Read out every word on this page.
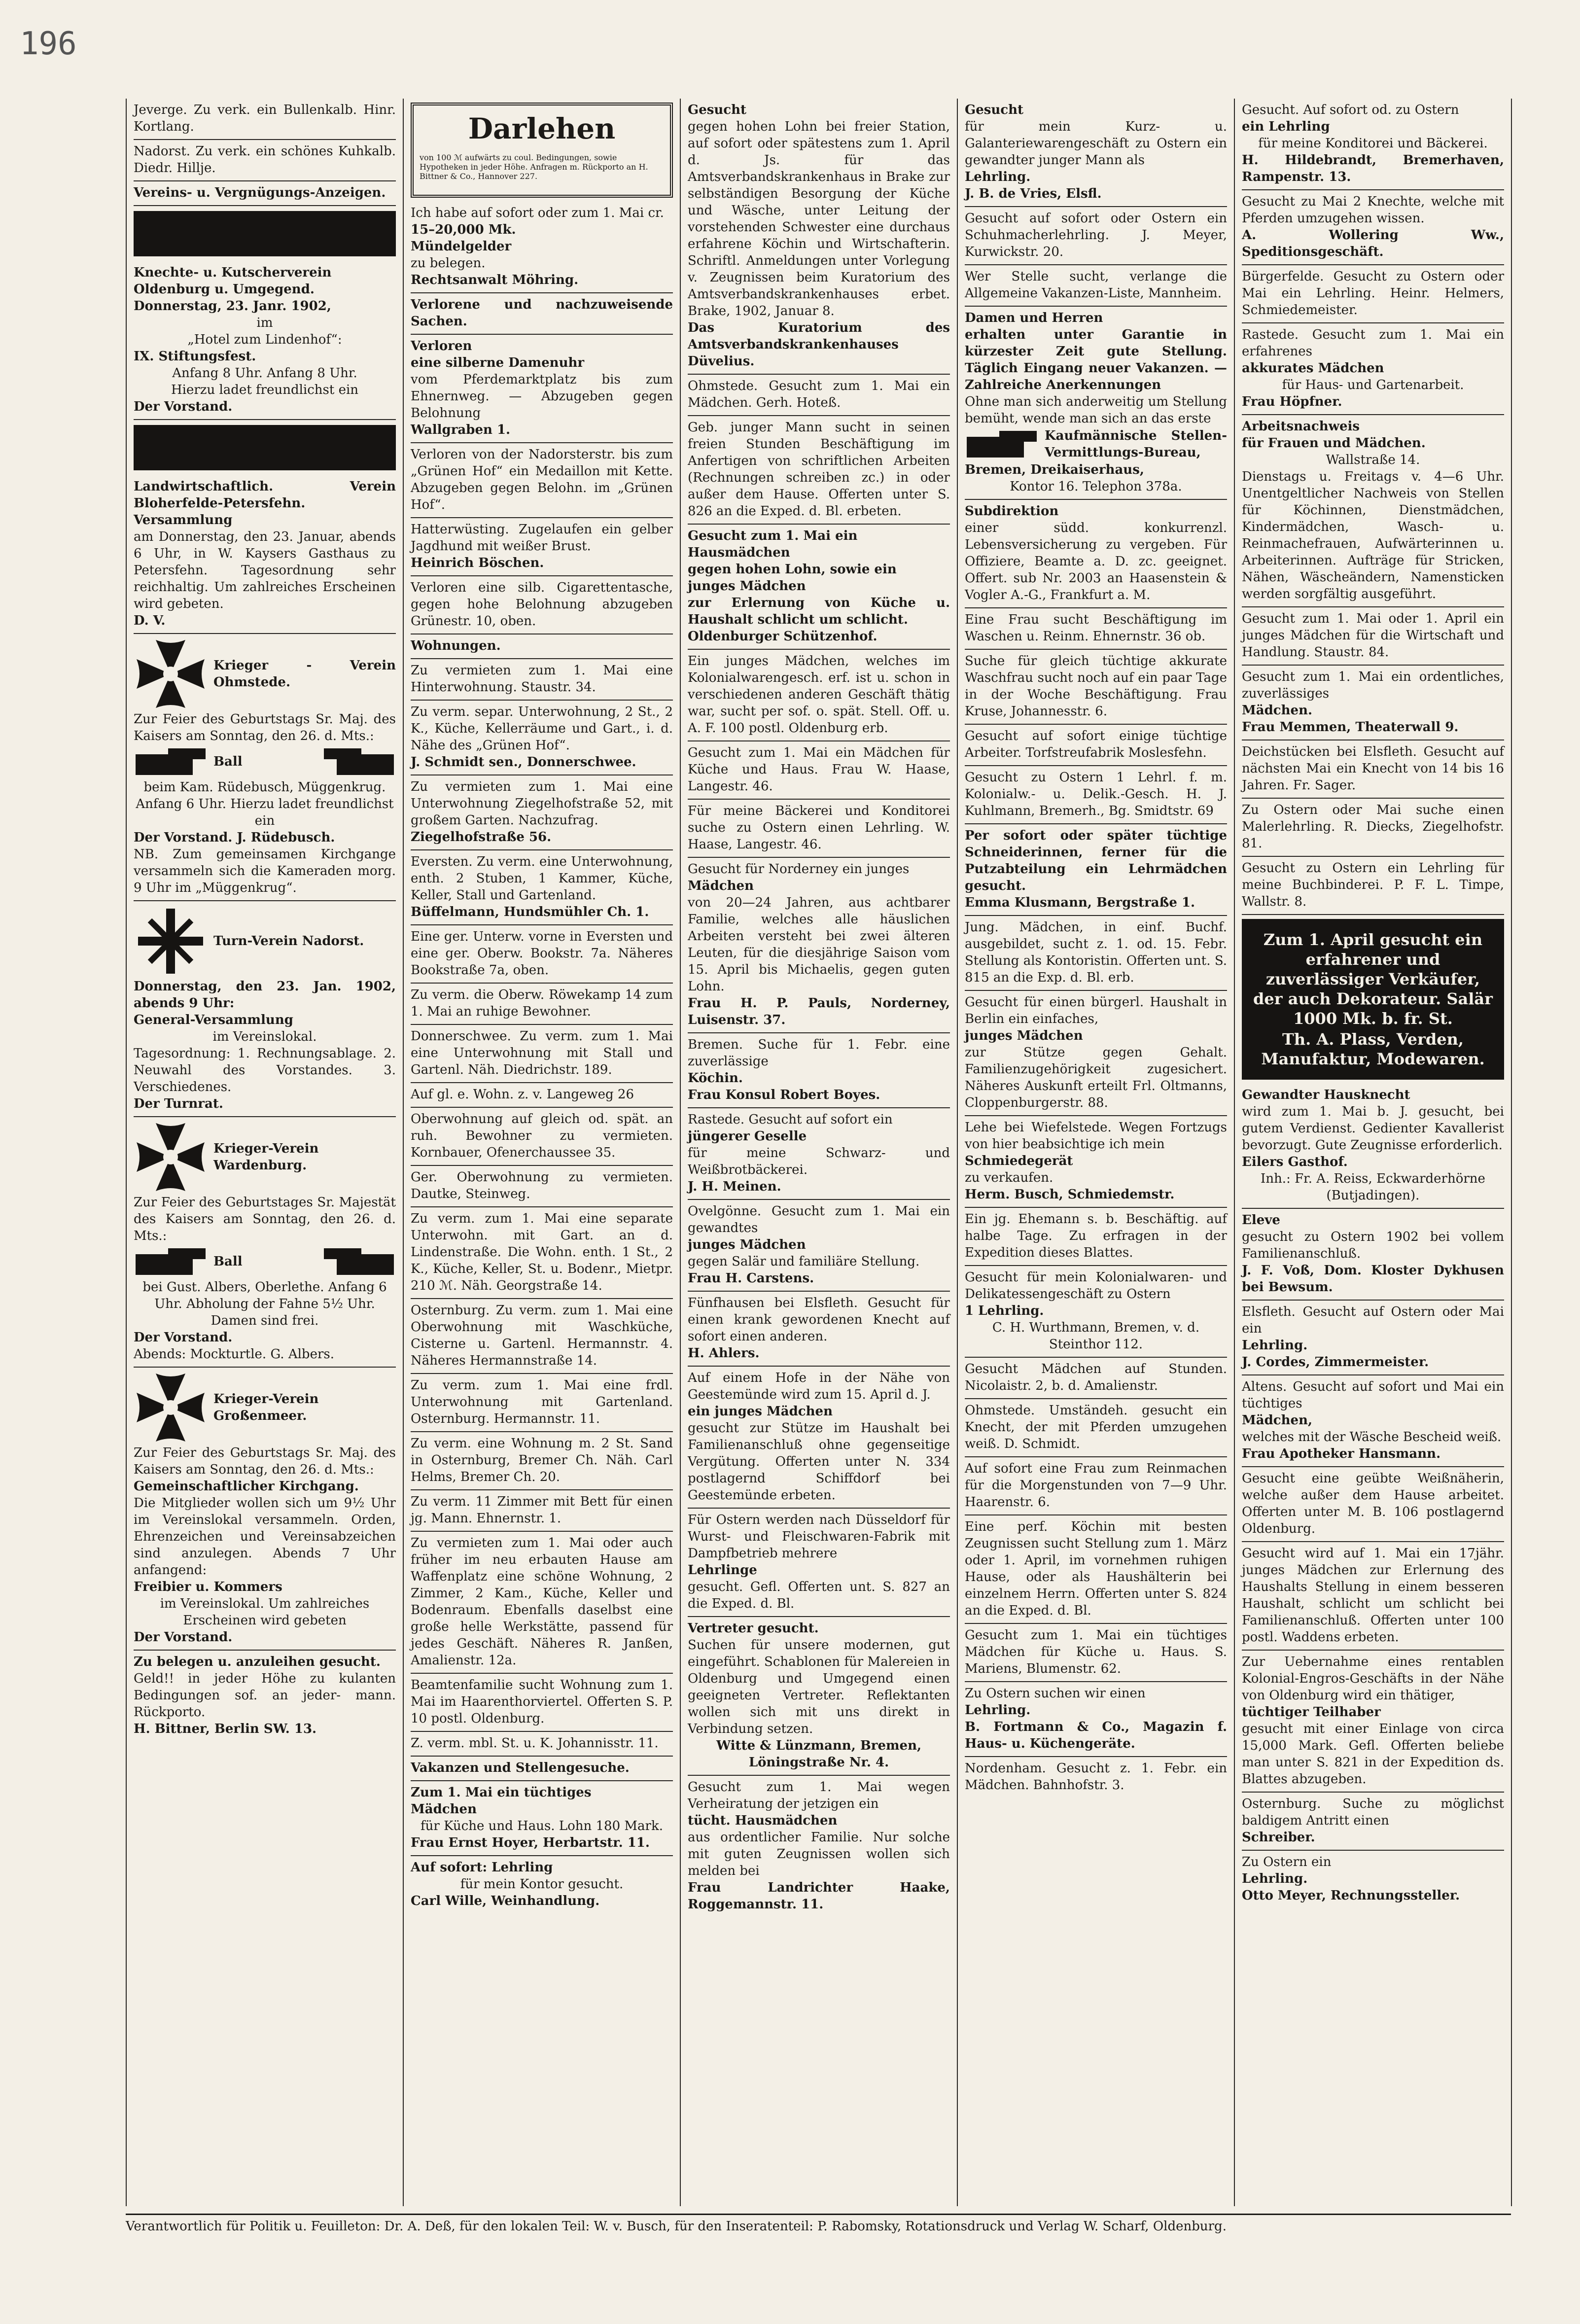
196

Jeverge. Zu verk. ein Bullenkalb. Hinr. Kortlang.

Nadorst. Zu verk. ein schönes Kuhkalb. Diedr. Hillje.

Vereins- u. Vergnügungs-Anzeigen.

Knechte- u. Kutscherverein

Oldenburg u. Umgegend.

Donnerstag, 23. Janr. 1902,

im

„Hotel zum Lindenhof“:

IX. Stiftungsfest.

Anfang 8 Uhr. Anfang 8 Uhr.

Hierzu ladet freundlichst ein

Der Vorstand.

Landwirtschaftlich. Verein Bloherfelde-Petersfehn.

Versammlung

am Donnerstag, den 23. Januar, abends 6 Uhr, in W. Kaysers Gasthaus zu Petersfehn. Tagesordnung sehr reichhaltig. Um zahlreiches Erscheinen wird gebeten.

D. V.

Krieger - Verein Ohmstede.

Zur Feier des Geburtstags Sr. Maj. des Kaisers am Sonntag, den 26. d. Mts.:

Ball

beim Kam. Rüdebusch, Müggenkrug. Anfang 6 Uhr. Hierzu ladet freundlichst ein

Der Vorstand. J. Rüdebusch.

NB. Zum gemeinsamen Kirchgange versammeln sich die Kameraden morg. 9 Uhr im „Müggenkrug“.

Turn-Verein Nadorst.

Donnerstag, den 23. Jan. 1902, abends 9 Uhr:

General-Versammlung

im Vereinslokal.

Tagesordnung: 1. Rechnungsablage. 2. Neuwahl des Vorstandes. 3. Verschiedenes.

Der Turnrat.

Krieger-Verein Wardenburg.

Zur Feier des Geburtstages Sr. Majestät des Kaisers am Sonntag, den 26. d. Mts.:

Ball

bei Gust. Albers, Oberlethe. Anfang 6 Uhr. Abholung der Fahne 5½ Uhr. Damen sind frei.

Der Vorstand.

Abends: Mockturtle. G. Albers.

Krieger-Verein Großenmeer.

Zur Feier des Geburtstags Sr. Maj. des Kaisers am Sonntag, den 26. d. Mts.:

Gemeinschaftlicher Kirchgang.

Die Mitglieder wollen sich um 9½ Uhr im Vereinslokal versammeln. Orden, Ehrenzeichen und Vereinsabzeichen sind anzulegen. Abends 7 Uhr anfangend:

Freibier u. Kommers

im Vereinslokal. Um zahlreiches Erscheinen wird gebeten

Der Vorstand.

Zu belegen u. anzuleihen gesucht.

Geld!! in jeder Höhe zu kulanten Bedingungen sof. an jeder- mann. Rückporto.

H. Bittner, Berlin SW. 13.

Darlehen

von 100 ℳ aufwärts zu coul. Bedingungen, sowie Hypotheken in jeder Höhe. Anfragen m. Rückporto an H. Bittner & Co., Hannover 227.

Ich habe auf sofort oder zum 1. Mai cr.

15–20,000 Mk.

Mündelgelder

zu belegen.

Rechtsanwalt Möhring.

Verlorene und nachzuweisende Sachen.

Verloren

eine silberne Damenuhr

vom Pferdemarktplatz bis zum Ehnernweg. — Abzugeben gegen Belohnung

Wallgraben 1.

Verloren von der Nadorsterstr. bis zum „Grünen Hof“ ein Medaillon mit Kette. Abzugeben gegen Belohn. im „Grünen Hof“.

Hatterwüsting. Zugelaufen ein gelber Jagdhund mit weißer Brust.

Heinrich Böschen.

Verloren eine silb. Cigarettentasche, gegen hohe Belohnung abzugeben Grünestr. 10, oben.

Wohnungen.

Zu vermieten zum 1. Mai eine Hinterwohnung. Staustr. 34.

Zu verm. separ. Unterwohnung, 2 St., 2 K., Küche, Kellerräume und Gart., i. d. Nähe des „Grünen Hof“.

J. Schmidt sen., Donnerschwee.

Zu vermieten zum 1. Mai eine Unterwohnung Ziegelhofstraße 52, mit großem Garten. Nachzufrag.

Ziegelhofstraße 56.

Eversten. Zu verm. eine Unterwohnung, enth. 2 Stuben, 1 Kammer, Küche, Keller, Stall und Gartenland.

Büffelmann, Hundsmühler Ch. 1.

Eine ger. Unterw. vorne in Eversten und eine ger. Oberw. Bookstr. 7a. Näheres Bookstraße 7a, oben.

Zu verm. die Oberw. Röwekamp 14 zum 1. Mai an ruhige Bewohner.

Donnerschwee. Zu verm. zum 1. Mai eine Unterwohnung mit Stall und Gartenl. Näh. Diedrichstr. 189.

Auf gl. e. Wohn. z. v. Langeweg 26

Oberwohnung auf gleich od. spät. an ruh. Bewohner zu vermieten. Kornbauer, Ofenerchaussee 35.

Ger. Oberwohnung zu vermieten. Dautke, Steinweg.

Zu verm. zum 1. Mai eine separate Unterwohn. mit Gart. an d. Lindenstraße. Die Wohn. enth. 1 St., 2 K., Küche, Keller, St. u. Bodenr., Mietpr. 210 ℳ. Näh. Georgstraße 14.

Osternburg. Zu verm. zum 1. Mai eine Oberwohnung mit Waschküche, Cisterne u. Gartenl. Hermannstr. 4. Näheres Hermannstraße 14.

Zu verm. zum 1. Mai eine frdl. Unterwohnung mit Gartenland. Osternburg. Hermannstr. 11.

Zu verm. eine Wohnung m. 2 St. Sand in Osternburg, Bremer Ch. Näh. Carl Helms, Bremer Ch. 20.

Zu verm. 11 Zimmer mit Bett für einen jg. Mann. Ehnernstr. 1.

Zu vermieten zum 1. Mai oder auch früher im neu erbauten Hause am Waffenplatz eine schöne Wohnung, 2 Zimmer, 2 Kam., Küche, Keller und Bodenraum. Ebenfalls daselbst eine große helle Werkstätte, passend für jedes Geschäft. Näheres R. Janßen, Amalienstr. 12a.

Beamtenfamilie sucht Wohnung zum 1. Mai im Haarenthorviertel. Offerten S. P. 10 postl. Oldenburg.

Z. verm. mbl. St. u. K. Johannisstr. 11.

Vakanzen und Stellengesuche.

Zum 1. Mai ein tüchtiges

Mädchen

für Küche und Haus. Lohn 180 Mark.

Frau Ernst Hoyer, Herbartstr. 11.

Auf sofort: Lehrling

für mein Kontor gesucht.

Carl Wille, Weinhandlung.

Gesucht

gegen hohen Lohn bei freier Station, auf sofort oder spätestens zum 1. April d. Js. für das Amtsverbandskrankenhaus in Brake zur selbständigen Besorgung der Küche und Wäsche, unter Leitung der vorstehenden Schwester eine durchaus erfahrene Köchin und Wirtschafterin. Schriftl. Anmeldungen unter Vorlegung v. Zeugnissen beim Kuratorium des Amtsverbandskrankenhauses erbet. Brake, 1902, Januar 8.

Das Kuratorium des Amtsverbandskrankenhauses Düvelius.

Ohmstede. Gesucht zum 1. Mai ein Mädchen. Gerh. Hoteß.

Geb. junger Mann sucht in seinen freien Stunden Beschäftigung im Anfertigen von schriftlichen Arbeiten (Rechnungen schreiben zc.) in oder außer dem Hause. Offerten unter S. 826 an die Exped. d. Bl. erbeten.

Gesucht zum 1. Mai ein

Hausmädchen

gegen hohen Lohn, sowie ein

junges Mädchen

zur Erlernung von Küche u. Haushalt schlicht um schlicht.

Oldenburger Schützenhof.

Ein junges Mädchen, welches im Kolonialwarengesch. erf. ist u. schon in verschiedenen anderen Geschäft thätig war, sucht per sof. o. spät. Stell. Off. u. A. F. 100 postl. Oldenburg erb.

Gesucht zum 1. Mai ein Mädchen für Küche und Haus. Frau W. Haase, Langestr. 46.

Für meine Bäckerei und Konditorei suche zu Ostern einen Lehrling. W. Haase, Langestr. 46.

Gesucht für Norderney ein junges

Mädchen

von 20—24 Jahren, aus achtbarer Familie, welches alle häuslichen Arbeiten versteht bei zwei älteren Leuten, für die diesjährige Saison vom 15. April bis Michaelis, gegen guten Lohn.

Frau H. P. Pauls, Norderney, Luisenstr. 37.

Bremen. Suche für 1. Febr. eine zuverlässige

Köchin.

Frau Konsul Robert Boyes.

Rastede. Gesucht auf sofort ein

jüngerer Geselle

für meine Schwarz- und Weißbrotbäckerei.

J. H. Meinen.

Ovelgönne. Gesucht zum 1. Mai ein gewandtes

junges Mädchen

gegen Salär und familiäre Stellung.

Frau H. Carstens.

Fünfhausen bei Elsfleth. Gesucht für einen krank gewordenen Knecht auf sofort einen anderen.

H. Ahlers.

Auf einem Hofe in der Nähe von Geestemünde wird zum 15. April d. J.

ein junges Mädchen

gesucht zur Stütze im Haushalt bei Familienanschluß ohne gegenseitige Vergütung. Offerten unter N. 334 postlagernd Schiffdorf bei Geestemünde erbeten.

Für Ostern werden nach Düsseldorf für Wurst- und Fleischwaren-Fabrik mit Dampfbetrieb mehrere

Lehrlinge

gesucht. Gefl. Offerten unt. S. 827 an die Exped. d. Bl.

Vertreter gesucht.

Suchen für unsere modernen, gut eingeführt. Schablonen für Malereien in Oldenburg und Umgegend einen geeigneten Vertreter. Reflektanten wollen sich mit uns direkt in Verbindung setzen.

Witte & Lünzmann, Bremen, Löningstraße Nr. 4.

Gesucht zum 1. Mai wegen Verheiratung der jetzigen ein

tücht. Hausmädchen

aus ordentlicher Familie. Nur solche mit guten Zeugnissen wollen sich melden bei

Frau Landrichter Haake, Roggemannstr. 11.

Gesucht

für mein Kurz- u. Galanteriewarengeschäft zu Ostern ein gewandter junger Mann als

Lehrling.

J. B. de Vries, Elsfl.

Gesucht auf sofort oder Ostern ein Schuhmacherlehrling. J. Meyer, Kurwickstr. 20.

Wer Stelle sucht, verlange die Allgemeine Vakanzen-Liste, Mannheim.

Damen und Herren

erhalten unter Garantie in kürzester Zeit gute Stellung. Täglich Eingang neuer Vakanzen. — Zahlreiche Anerkennungen

Ohne man sich anderweitig um Stellung bemüht, wende man sich an das erste

Kaufmännische Stellen-Vermittlungs-Bureau,

Bremen, Dreikaiserhaus,

Kontor 16. Telephon 378a.

Subdirektion

einer südd. konkurrenzl. Lebensversicherung zu vergeben. Für Offiziere, Beamte a. D. zc. geeignet. Offert. sub Nr. 2003 an Haasenstein & Vogler A.-G., Frankfurt a. M.

Eine Frau sucht Beschäftigung im Waschen u. Reinm. Ehnernstr. 36 ob.

Suche für gleich tüchtige akkurate Waschfrau sucht noch auf ein paar Tage in der Woche Beschäftigung. Frau Kruse, Johannesstr. 6.

Gesucht auf sofort einige tüchtige Arbeiter. Torfstreufabrik Moslesfehn.

Gesucht zu Ostern 1 Lehrl. f. m. Kolonialw.- u. Delik.-Gesch. H. J. Kuhlmann, Bremerh., Bg. Smidtstr. 69

Per sofort oder später tüchtige Schneiderinnen, ferner für die Putzabteilung ein Lehrmädchen gesucht.

Emma Klusmann, Bergstraße 1.

Jung. Mädchen, in einf. Buchf. ausgebildet, sucht z. 1. od. 15. Febr. Stellung als Kontoristin. Offerten unt. S. 815 an die Exp. d. Bl. erb.

Gesucht für einen bürgerl. Haushalt in Berlin ein einfaches,

junges Mädchen

zur Stütze gegen Gehalt. Familienzugehörigkeit zugesichert. Näheres Auskunft erteilt Frl. Oltmanns, Cloppenburgerstr. 88.

Lehe bei Wiefelstede. Wegen Fortzugs von hier beabsichtige ich mein

Schmiedegerät

zu verkaufen.

Herm. Busch, Schmiedemstr.

Ein jg. Ehemann s. b. Beschäftig. auf halbe Tage. Zu erfragen in der Expedition dieses Blattes.

Gesucht für mein Kolonialwaren- und Delikatessengeschäft zu Ostern

1 Lehrling.

C. H. Wurthmann, Bremen, v. d. Steinthor 112.

Gesucht Mädchen auf Stunden. Nicolaistr. 2, b. d. Amalienstr.

Ohmstede. Umständeh. gesucht ein Knecht, der mit Pferden umzugehen weiß. D. Schmidt.

Auf sofort eine Frau zum Reinmachen für die Morgenstunden von 7—9 Uhr. Haarenstr. 6.

Eine perf. Köchin mit besten Zeugnissen sucht Stellung zum 1. März oder 1. April, im vornehmen ruhigen Hause, oder als Haushälterin bei einzelnem Herrn. Offerten unter S. 824 an die Exped. d. Bl.

Gesucht zum 1. Mai ein tüchtiges Mädchen für Küche u. Haus. S. Mariens, Blumenstr. 62.

Zu Ostern suchen wir einen

Lehrling.

B. Fortmann & Co., Magazin f. Haus- u. Küchengeräte.

Nordenham. Gesucht z. 1. Febr. ein Mädchen. Bahnhofstr. 3.

Gesucht. Auf sofort od. zu Ostern

ein Lehrling

für meine Konditorei und Bäckerei.

H. Hildebrandt, Bremerhaven, Rampenstr. 13.

Gesucht zu Mai 2 Knechte, welche mit Pferden umzugehen wissen.

A. Wollering Ww., Speditionsgeschäft.

Bürgerfelde. Gesucht zu Ostern oder Mai ein Lehrling. Heinr. Helmers, Schmiedemeister.

Rastede. Gesucht zum 1. Mai ein erfahrenes

akkurates Mädchen

für Haus- und Gartenarbeit.

Frau Höpfner.

Arbeitsnachweis

für Frauen und Mädchen.

Wallstraße 14.

Dienstags u. Freitags v. 4—6 Uhr. Unentgeltlicher Nachweis von Stellen für Köchinnen, Dienstmädchen, Kindermädchen, Wasch- u. Reinmachefrauen, Aufwärterinnen u. Arbeiterinnen. Aufträge für Stricken, Nähen, Wäscheändern, Namensticken werden sorgfältig ausgeführt.

Gesucht zum 1. Mai oder 1. April ein junges Mädchen für die Wirtschaft und Handlung. Staustr. 84.

Gesucht zum 1. Mai ein ordentliches, zuverlässiges

Mädchen.

Frau Memmen, Theaterwall 9.

Deichstücken bei Elsfleth. Gesucht auf nächsten Mai ein Knecht von 14 bis 16 Jahren. Fr. Sager.

Zu Ostern oder Mai suche einen Malerlehrling. R. Diecks, Ziegelhofstr. 81.

Gesucht zu Ostern ein Lehrling für meine Buchbinderei. P. F. L. Timpe, Wallstr. 8.

Zum 1. April gesucht ein erfahrener und zuverlässiger Verkäufer, der auch Dekorateur. Salär 1000 Mk. b. fr. St.

Th. A. Plass, Verden, Manufaktur, Modewaren.

Gewandter Hausknecht

wird zum 1. Mai b. J. gesucht, bei gutem Verdienst. Gedienter Kavallerist bevorzugt. Gute Zeugnisse erforderlich.

Eilers Gasthof.

Inh.: Fr. A. Reiss, Eckwarderhörne (Butjadingen).

Eleve

gesucht zu Ostern 1902 bei vollem Familienanschluß.

J. F. Voß, Dom. Kloster Dykhusen bei Bewsum.

Elsfleth. Gesucht auf Ostern oder Mai ein

Lehrling.

J. Cordes, Zimmermeister.

Altens. Gesucht auf sofort und Mai ein tüchtiges

Mädchen,

welches mit der Wäsche Bescheid weiß.

Frau Apotheker Hansmann.

Gesucht eine geübte Weißnäherin, welche außer dem Hause arbeitet. Offerten unter M. B. 106 postlagernd Oldenburg.

Gesucht wird auf 1. Mai ein 17jähr. junges Mädchen zur Erlernung des Haushalts Stellung in einem besseren Haushalt, schlicht um schlicht bei Familienanschluß. Offerten unter 100 postl. Waddens erbeten.

Zur Uebernahme eines rentablen Kolonial-Engros-Geschäfts in der Nähe von Oldenburg wird ein thätiger,

tüchtiger Teilhaber

gesucht mit einer Einlage von circa 15,000 Mark. Gefl. Offerten beliebe man unter S. 821 in der Expedition ds. Blattes abzugeben.

Osternburg. Suche zu möglichst baldigem Antritt einen

Schreiber.

Zu Ostern ein

Lehrling.

Otto Meyer, Rechnungssteller.

Verantwortlich für Politik u. Feuilleton: Dr. A. Deß, für den lokalen Teil: W. v. Busch, für den Inseratenteil: P. Rabomsky, Rotationsdruck und Verlag W. Scharf, Oldenburg.
